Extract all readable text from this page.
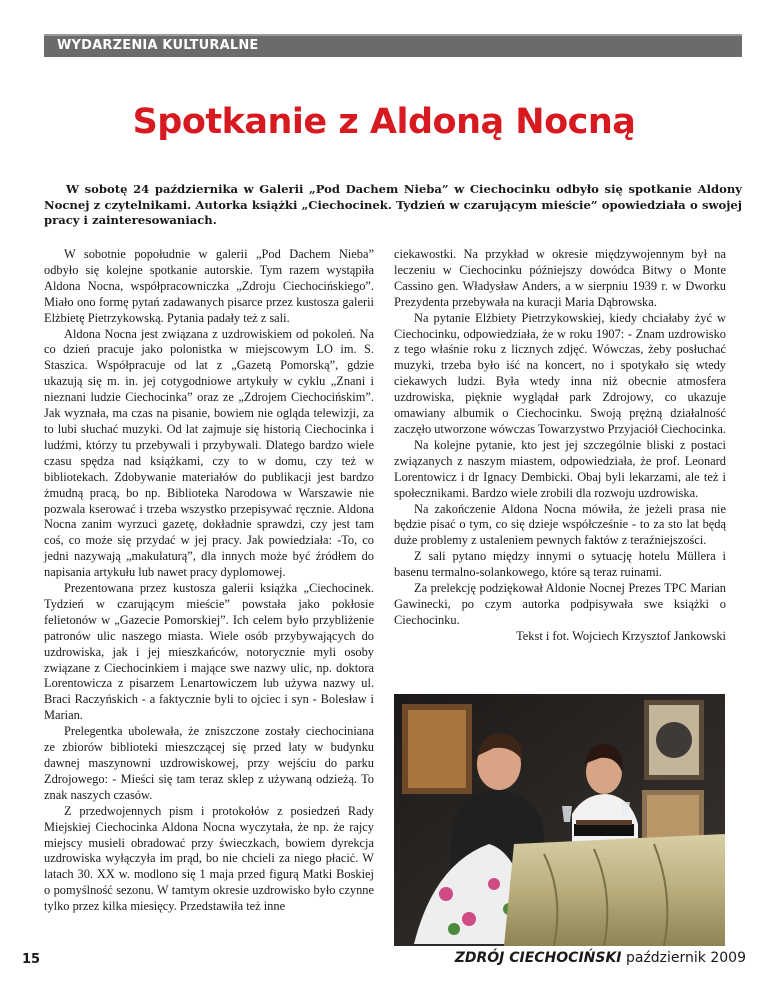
WYDARZENIA KULTURALNE
Spotkanie z Aldoną Nocną
W sobotę 24 października w Galerii „Pod Dachem Nieba” w Ciechocinku odbyło się spotkanie Aldony Nocnej z czytelnikami. Autorka książki „Ciechocinek. Tydzień w czarującym mieście” opowiedziała o swojej pracy i zainteresowaniach.

W sobotnie popołudnie w galerii „Pod Dachem Nieba” odbyło się kolejne spotkanie autorskie. Tym razem wystąpiła Aldona Nocna, współpracowniczka „Zdroju Ciechocińskiego”. Miało ono formę pytań zadawanych pisarce przez kustosza galerii Elżbietę Pietrzykowską. Pytania padały też z sali.

Aldona Nocna jest związana z uzdrowiskiem od pokoleń. Na co dzień pracuje jako polonistka w miejscowym LO im. S. Staszica. Współpracuje od lat z „Gazetą Pomorską”, gdzie ukazują się m. in. jej cotygodniowe artykuły w cyklu „Znani i nieznani ludzie Ciechocinka” oraz ze „Zdrojem Ciechocińskim”. Jak wyznała, ma czas na pisanie, bowiem nie ogląda telewizji, za to lubi słuchać muzyki. Od lat zajmuje się historią Ciechocinka i ludźmi, którzy tu przebywali i przybywali. Dlatego bardzo wiele czasu spędza nad książkami, czy to w domu, czy też w bibliotekach. Zdobywanie materiałów do publikacji jest bardzo żmudną pracą, bo np. Biblioteka Narodowa w Warszawie nie pozwala kserować i trzeba wszystko przepisywać ręcznie. Aldona Nocna zanim wyrzuci gazetę, dokładnie sprawdzi, czy jest tam coś, co może się przydać w jej pracy. Jak powiedziała: -To, co jedni nazywają „makulaturą”, dla innych może być źródłem do napisania artykułu lub nawet pracy dyplomowej.

Prezentowana przez kustosza galerii książka „Ciechocinek. Tydzień w czarującym mieście” powstała jako pokłosie felietonów w „Gazecie Pomorskiej”. Ich celem było przybliżenie patronów ulic naszego miasta. Wiele osób przybywających do uzdrowiska, jak i jej mieszkańców, notorycznie myli osoby związane z Ciechocinkiem i mające swe nazwy ulic, np. doktora Lorentowicza z pisarzem Lenartowiczem lub używa nazwy ul. Braci Raczyńskich - a faktycznie byli to ojciec i syn - Bolesław i Marian.

Prelegentka ubolewała, że zniszczone zostały ciechociniana ze zbiorów biblioteki mieszczącej się przed laty w budynku dawnej maszynowni uzdrowiskowej, przy wejściu do parku Zdrojowego: - Mieści się tam teraz sklep z używaną odzieżą. To znak naszych czasów.

Z przedwojennych pism i protokołów z posiedzeń Rady Miejskiej Ciechocinka Aldona Nocna wyczytała, że np. że rajcy miejscy musieli obradować przy świeczkach, bowiem dyrekcja uzdrowiska wyłączyła im prąd, bo nie chcieli za niego płacić. W latach 30. XX w. modlono się 1 maja przed figurą Matki Boskiej o pomyślność sezonu. W tamtym okresie uzdrowisko było czynne tylko przez kilka miesięcy. Przedstawiła też inne

ciekawostki. Na przykład w okresie międzywojennym był na leczeniu w Ciechocinku późniejszy dowódca Bitwy o Monte Cassino gen. Władysław Anders, a w sierpniu 1939 r. w Dworku Prezydenta przebywała na kuracji Maria Dąbrowska.

Na pytanie Elżbiety Pietrzykowskiej, kiedy chciałaby żyć w Ciechocinku, odpowiedziała, że w roku 1907: - Znam uzdrowisko z tego właśnie roku z licznych zdjęć. Wówczas, żeby posłuchać muzyki, trzeba było iść na koncert, no i spotykało się wtedy ciekawych ludzi. Była wtedy inna niż obecnie atmosfera uzdrowiska, pięknie wyglądał park Zdrojowy, co ukazuje omawiany albumik o Ciechocinku. Swoją prężną działalność zaczęło utworzone wówczas Towarzystwo Przyjaciół Ciechocinka.

Na kolejne pytanie, kto jest jej szczególnie bliski z postaci związanych z naszym miastem, odpowiedziała, że prof. Leonard Lorentowicz i dr Ignacy Dembicki. Obaj byli lekarzami, ale też i społecznikami. Bardzo wiele zrobili dla rozwoju uzdrowiska.

Na zakończenie Aldona Nocna mówiła, że jeżeli prasa nie będzie pisać o tym, co się dzieje współcześnie - to za sto lat będą duże problemy z ustaleniem pewnych faktów z teraźniejszości.

Z sali pytano między innymi o sytuację hotelu Müllera i basenu termalno-solankowego, które są teraz ruinami.

Za prelekcję podziękował Aldonie Nocnej Prezes TPC Marian Gawinecki, po czym autorka podpisywała swe książki o Ciechocinku.

Tekst i fot. Wojciech Krzysztof Jankowski

15	ZDRÓJ CIECHOCIŃSKI październik 2009
